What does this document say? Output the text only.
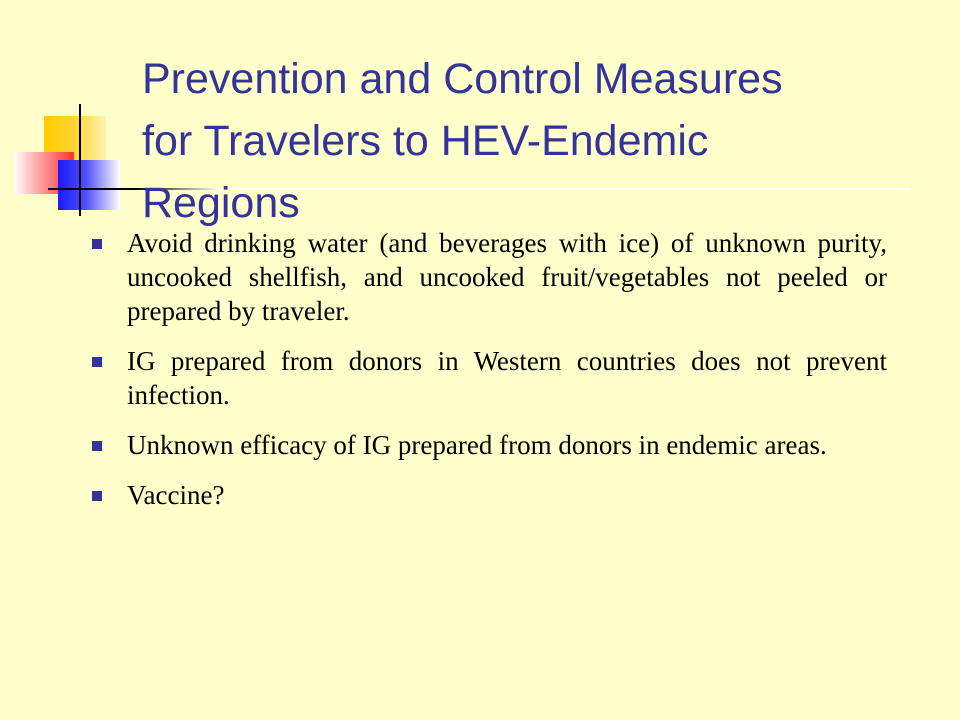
Prevention and Control Measures
for Travelers to HEV-Endemic
Regions
Avoid drinking water (and beverages with ice) of unknown purity, uncooked shellfish, and uncooked fruit/vegetables not peeled or prepared by traveler.
IG prepared from donors in Western countries does not prevent infection.
Unknown efficacy of IG prepared from donors in endemic areas.
Vaccine?
